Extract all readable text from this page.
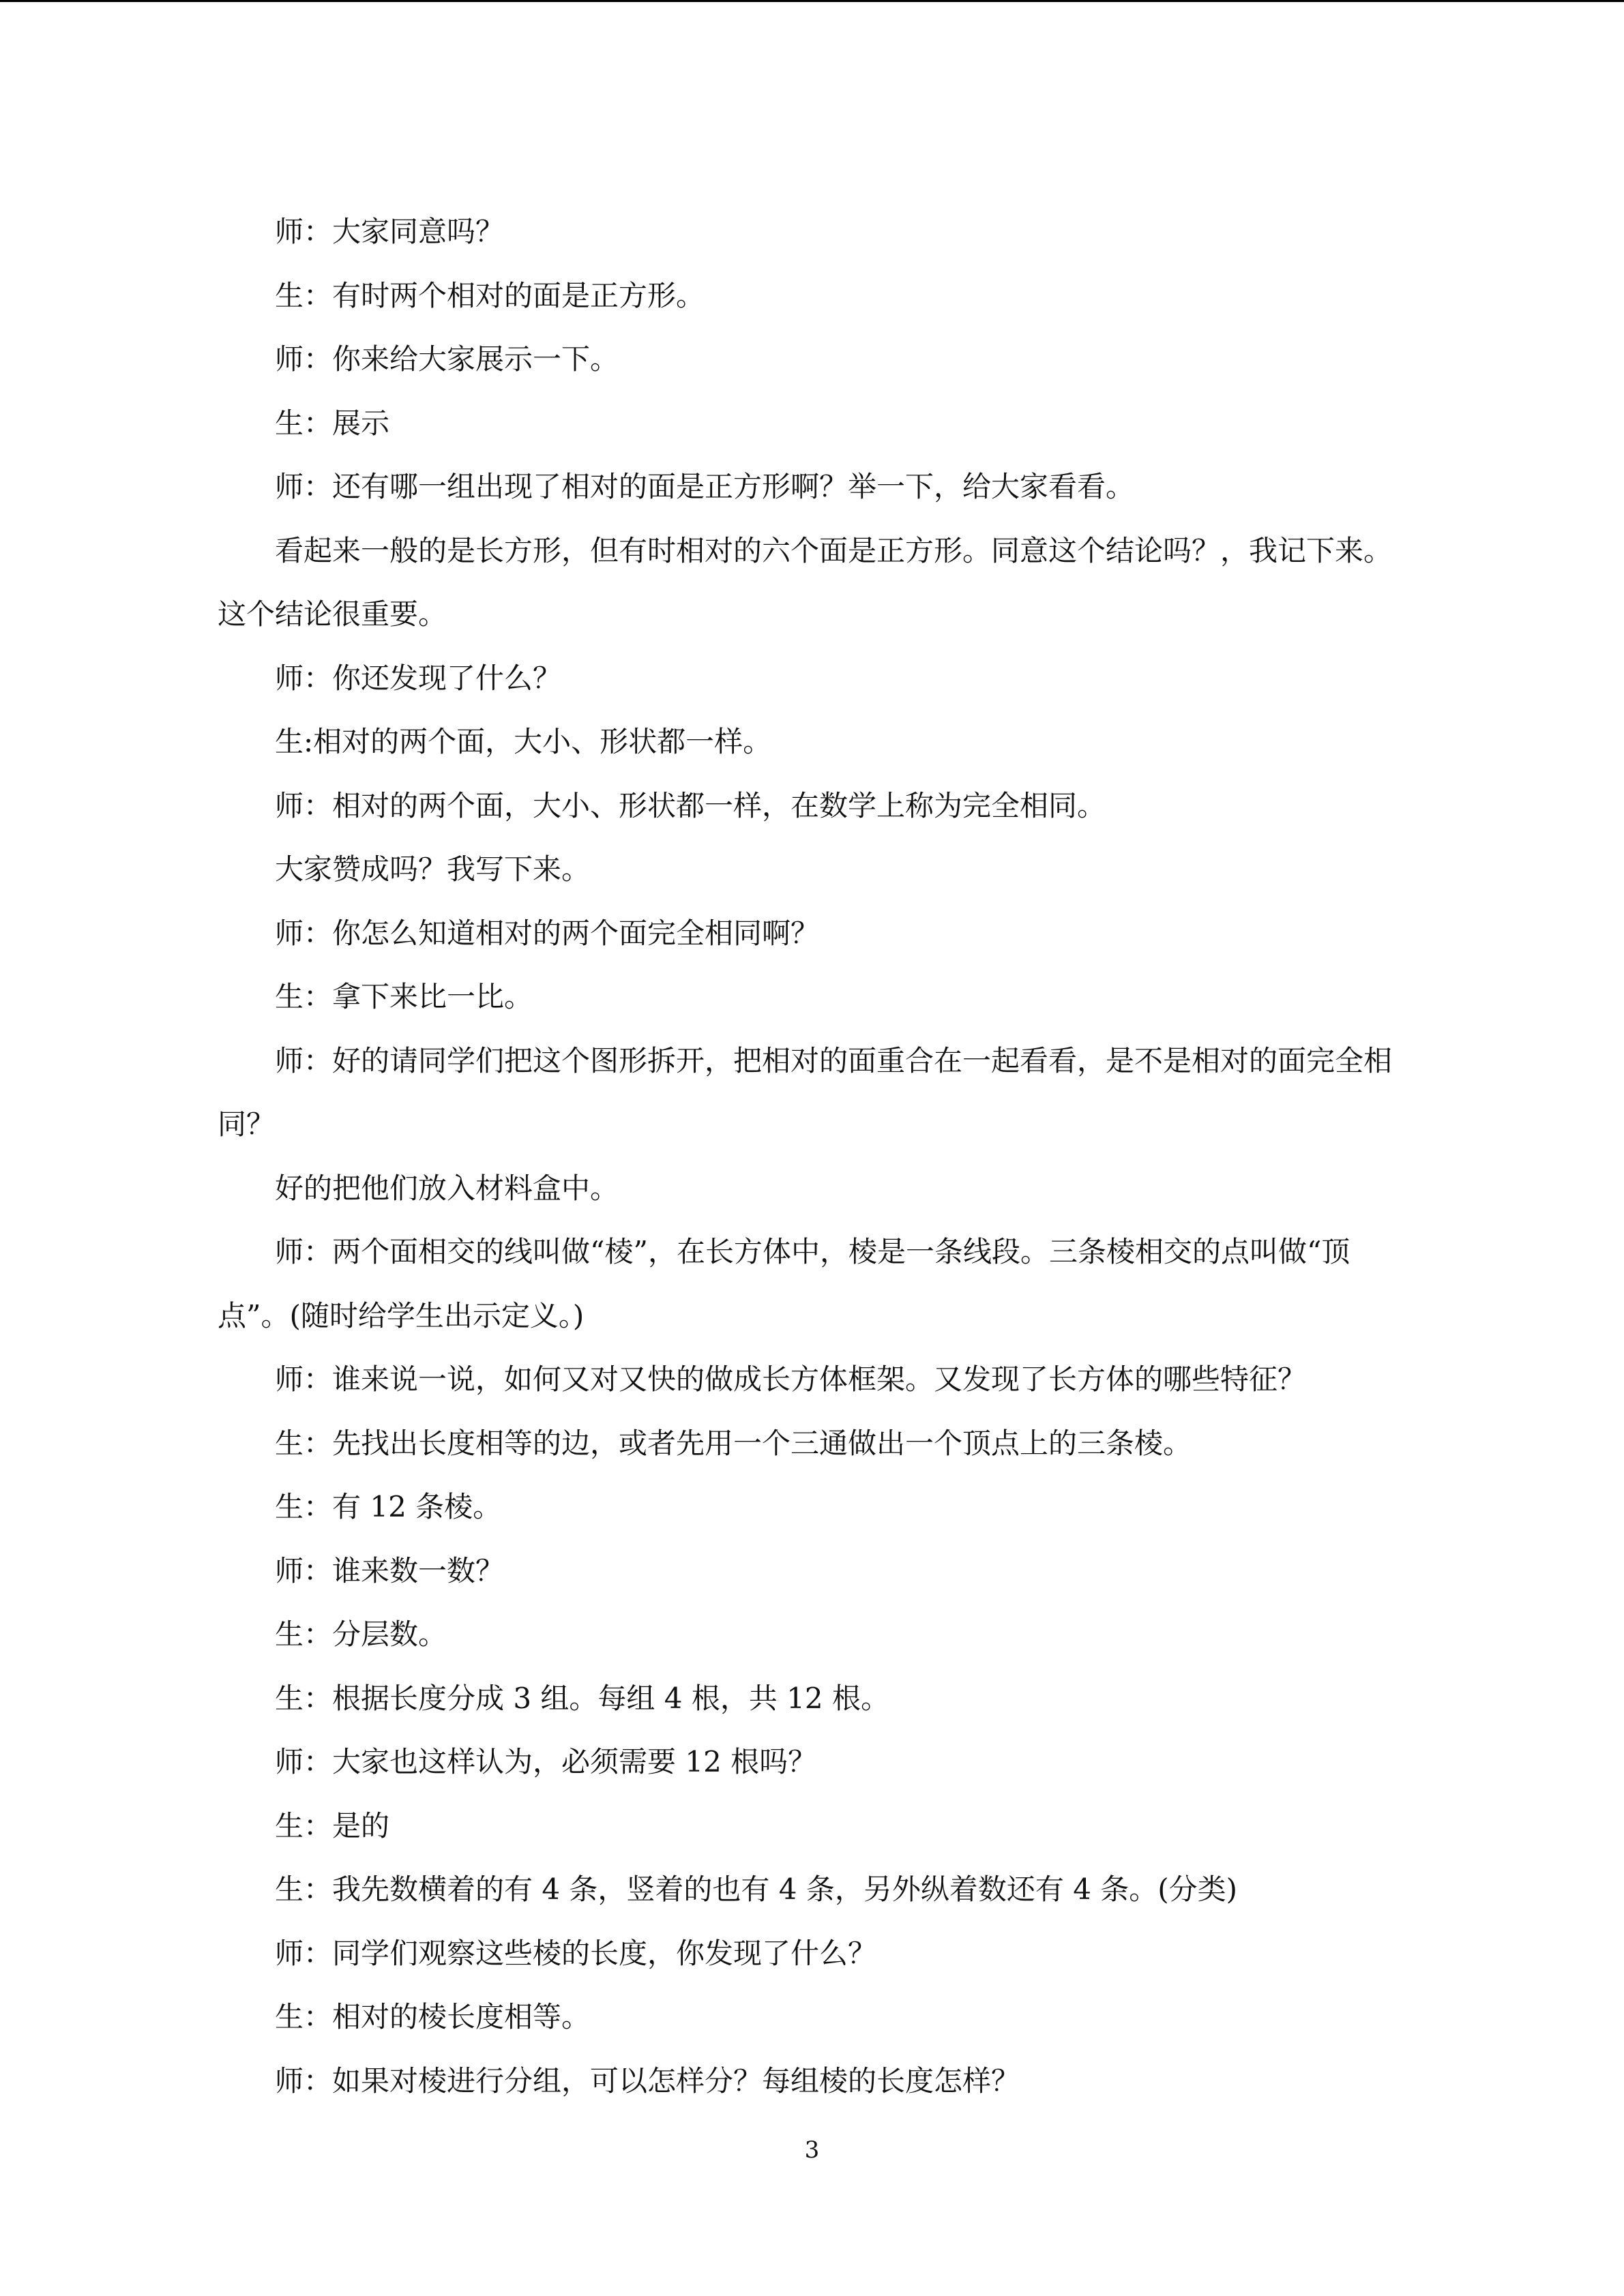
师：大家同意吗？

生：有时两个相对的面是正方形。

师：你来给大家展示一下。

生：展示

师：还有哪一组出现了相对的面是正方形啊？举一下，给大家看看。

看起来一般的是长方形，但有时相对的六个面是正方形。同意这个结论吗？，我记下来。

这个结论很重要。

师：你还发现了什么？

生:相对的两个面，大小、形状都一样。

师：相对的两个面，大小、形状都一样，在数学上称为完全相同。

大家赞成吗？我写下来。

师：你怎么知道相对的两个面完全相同啊？

生：拿下来比一比。

师：好的请同学们把这个图形拆开，把相对的面重合在一起看看，是不是相对的面完全相

同？

好的把他们放入材料盒中。

师：两个面相交的线叫做“棱”，在长方体中，棱是一条线段。三条棱相交的点叫做“顶

点”。(随时给学生出示定义。)

师：谁来说一说，如何又对又快的做成长方体框架。又发现了长方体的哪些特征？

生：先找出长度相等的边，或者先用一个三通做出一个顶点上的三条棱。

生：有 12 条棱。

师：谁来数一数？

生：分层数。

生：根据长度分成 3 组。每组 4 根，共 12 根。

师：大家也这样认为，必须需要 12 根吗？

生：是的

生：我先数横着的有 4 条，竖着的也有 4 条，另外纵着数还有 4 条。(分类)

师：同学们观察这些棱的长度，你发现了什么？

生：相对的棱长度相等。

师：如果对棱进行分组，可以怎样分？每组棱的长度怎样？

3
